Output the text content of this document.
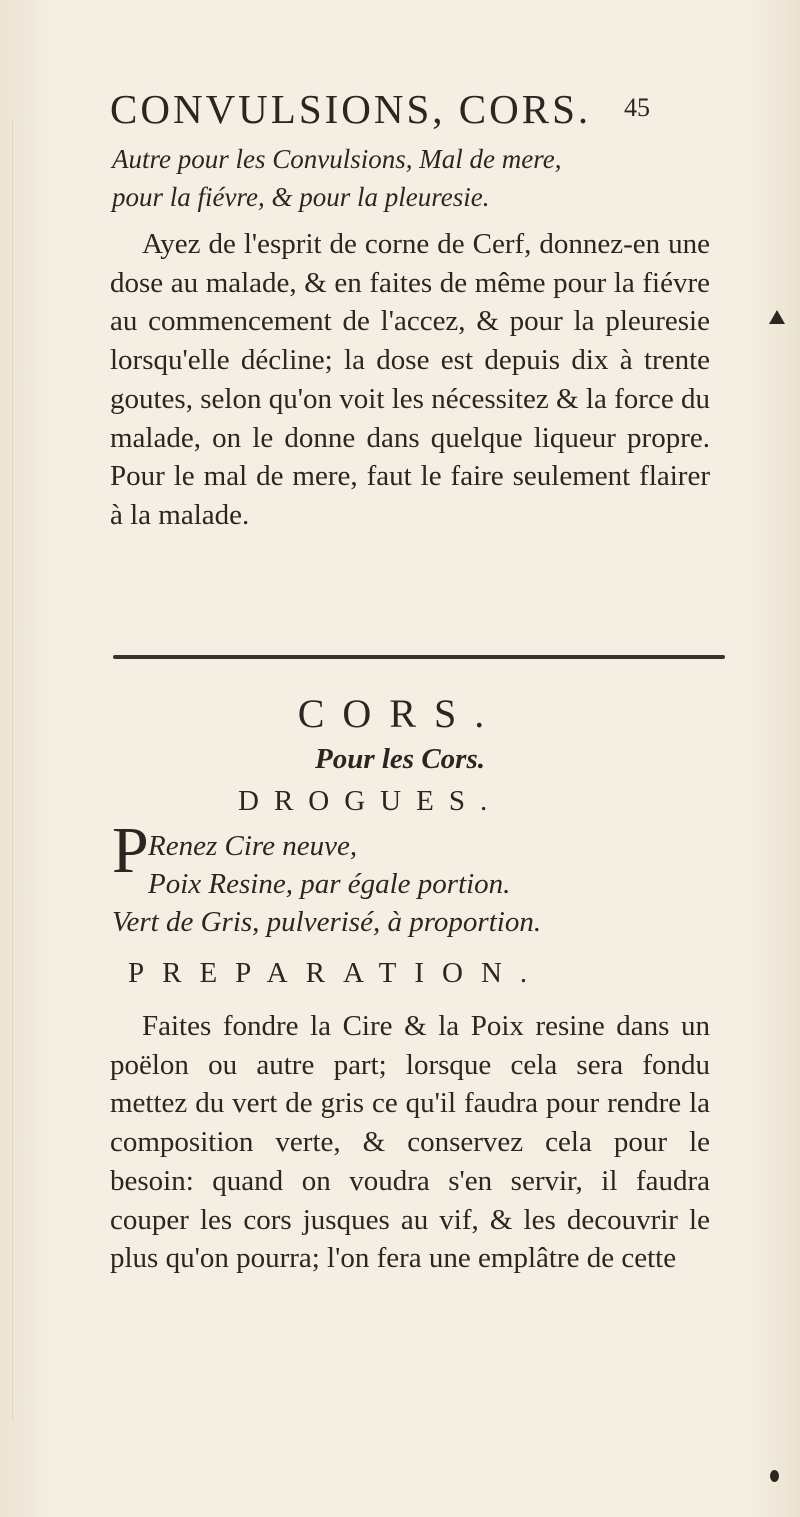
CONVULSIONS, CORS. 45
Autre pour les Convulsions, Mal de mere,
pour la fiévre, & pour la pleuresie.

Ayez de l'esprit de corne de Cerf, donnez-en une dose au malade, & en faites de même pour la fiévre au commencement de l'accez, & pour la pleuresie lorsqu'elle décline; la dose est depuis dix à trente goutes, selon qu'on voit les nécessitez & la force du malade, on le donne dans quelque liqueur propre. Pour le mal de mere, faut le faire seulement flairer à la malade.

CORS.
Pour les Cors.
DROGUES.
P Renez Cire neuve,
Poix Resine, par égale portion.
Vert de Gris, pulverisé, à proportion.
PREPARATION.

Faites fondre la Cire & la Poix resine dans un poëlon ou autre part; lorsque cela sera fondu mettez du vert de gris ce qu'il faudra pour rendre la composition verte, & conservez cela pour le besoin: quand on voudra s'en servir, il faudra couper les cors jusques au vif, & les decouvrir le plus qu'on pourra; l'on fera une emplâtre de cette
